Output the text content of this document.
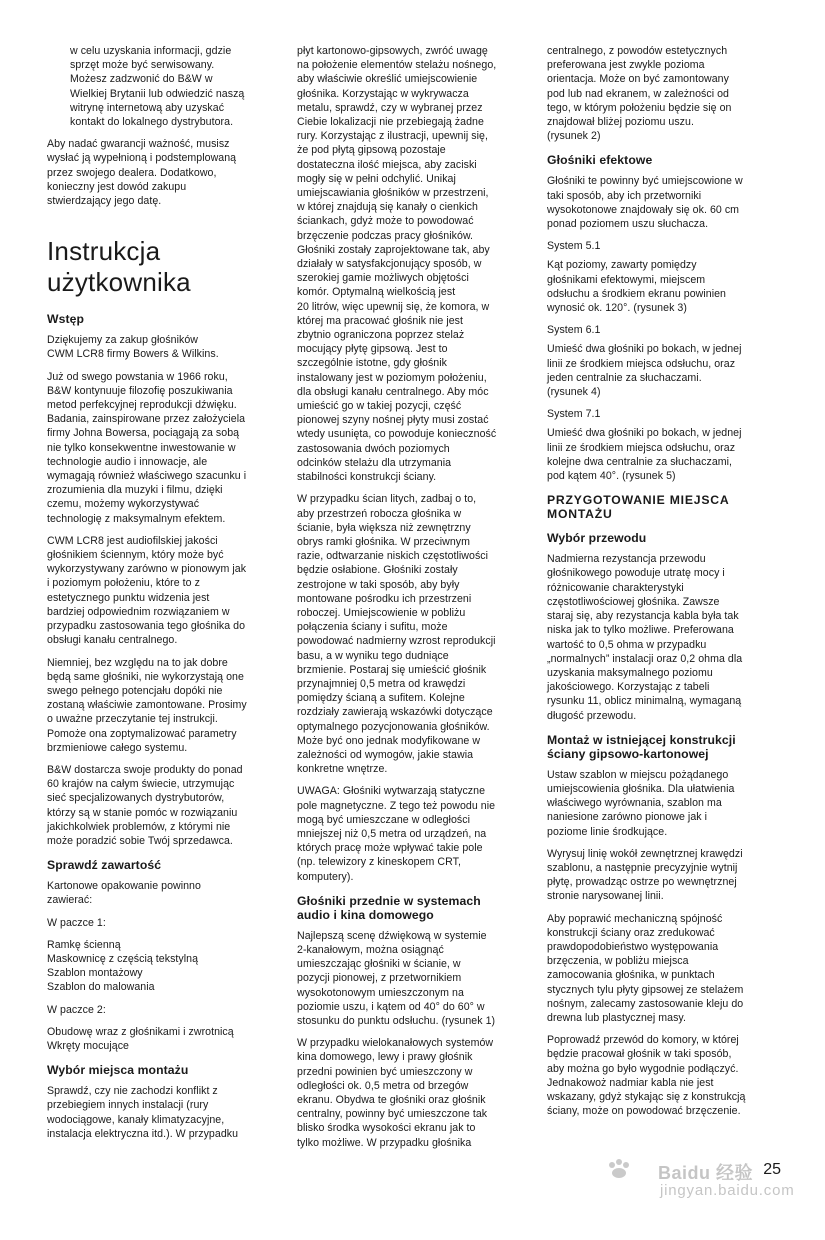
w celu uzyskania informacji, gdzie
sprzęt może być serwisowany.
Możesz zadzwonić do B&W w
Wielkiej Brytanii lub odwiedzić naszą
witrynę internetową aby uzyskać
kontakt do lokalnego dystrybutora.

Aby nadać gwarancji ważność, musisz
wysłać ją wypełnioną i podstemplowaną
przez swojego dealera. Dodatkowo,
konieczny jest dowód zakupu
stwierdzający jego datę.

Instrukcja
użytkownika
Wstęp

Dziękujemy za zakup głośników
CWM LCR8 firmy Bowers & Wilkins.

Już od swego powstania w 1966 roku,
B&W kontynuuje filozofię poszukiwania
metod perfekcyjnej reprodukcji dźwięku.
Badania, zainspirowane przez założyciela
firmy Johna Bowersa, pociągają za sobą
nie tylko konsekwentne inwestowanie w
technologie audio i innowacje, ale
wymagają również właściwego szacunku i
zrozumienia dla muzyki i filmu, dzięki
czemu, możemy wykorzystywać
technologię z maksymalnym efektem.

CWM LCR8 jest audiofilskiej jakości
głośnikiem ściennym, który może być
wykorzystywany zarówno w pionowym jak
i poziomym położeniu, które to z
estetycznego punktu widzenia jest
bardziej odpowiednim rozwiązaniem w
przypadku zastosowania tego głośnika do
obsługi kanału centralnego.

Niemniej, bez względu na to jak dobre
będą same głośniki, nie wykorzystają one
swego pełnego potencjału dopóki nie
zostaną właściwie zamontowane. Prosimy
o uważne przeczytanie tej instrukcji.
Pomoże ona zoptymalizować parametry
brzmieniowe całego systemu.

B&W dostarcza swoje produkty do ponad
60 krajów na całym świecie, utrzymując
sieć specjalizowanych dystrybutorów,
którzy są w stanie pomóc w rozwiązaniu
jakichkolwiek problemów, z którymi nie
może poradzić sobie Twój sprzedawca.

Sprawdź zawartość

Kartonowe opakowanie powinno
zawierać:

W paczce 1:

Ramkę ścienną
Maskownicę z częścią tekstylną
Szablon montażowy
Szablon do malowania

W paczce 2:

Obudowę wraz z głośnikami i zwrotnicą
Wkręty mocujące

Wybór miejsca montażu

Sprawdź, czy nie zachodzi konflikt z
przebiegiem innych instalacji (rury
wodociągowe, kanały klimatyzacyjne,
instalacja elektryczna itd.). W przypadku

płyt kartonowo-gipsowych, zwróć uwagę
na położenie elementów stelażu nośnego,
aby właściwie określić umiejscowienie
głośnika. Korzystając w wykrywacza
metalu, sprawdź, czy w wybranej przez
Ciebie lokalizacji nie przebiegają żadne
rury. Korzystając z ilustracji, upewnij się,
że pod płytą gipsową pozostaje
dostateczna ilość miejsca, aby zaciski
mogły się w pełni odchylić. Unikaj
umiejscawiania głośników w przestrzeni,
w której znajdują się kanały o cienkich
ściankach, gdyż może to powodować
brzęczenie podczas pracy głośników.
Głośniki zostały zaprojektowane tak, aby
działały w satysfakcjonujący sposób, w
szerokiej gamie możliwych objętości
komór. Optymalną wielkością jest
20 litrów, więc upewnij się, że komora, w
której ma pracować głośnik nie jest
zbytnio ograniczona poprzez stelaż
mocujący płytę gipsową. Jest to
szczególnie istotne, gdy głośnik
instalowany jest w poziomym położeniu,
dla obsługi kanału centralnego. Aby móc
umieścić go w takiej pozycji, część
pionowej szyny nośnej płyty musi zostać
wtedy usunięta, co powoduje konieczność
zastosowania dwóch poziomych
odcinków stelażu dla utrzymania
stabilności konstrukcji ściany.

W przypadku ścian litych, zadbaj o to,
aby przestrzeń robocza głośnika w
ścianie, była większa niż zewnętrzny
obrys ramki głośnika. W przeciwnym
razie, odtwarzanie niskich częstotliwości
będzie osłabione. Głośniki zostały
zestrojone w taki sposób, aby były
montowane pośrodku ich przestrzeni
roboczej. Umiejscowienie w pobliżu
połączenia ściany i sufitu, może
powodować nadmierny wzrost reprodukcji
basu, a w wyniku tego dudniące
brzmienie. Postaraj się umieścić głośnik
przynajmniej 0,5 metra od krawędzi
pomiędzy ścianą a sufitem. Kolejne
rozdziały zawierają wskazówki dotyczące
optymalnego pozycjonowania głośników.
Może być ono jednak modyfikowane w
zależności od wymogów, jakie stawia
konkretne wnętrze.

UWAGA: Głośniki wytwarzają statyczne
pole magnetyczne. Z tego też powodu nie
mogą być umieszczane w odległości
mniejszej niż 0,5 metra od urządzeń, na
których pracę może wpływać takie pole
(np. telewizory z kineskopem CRT,
komputery).

Głośniki przednie w systemach
audio i kina domowego

Najlepszą scenę dźwiękową w systemie
2-kanałowym, można osiągnąć
umieszczając głośniki w ścianie, w
pozycji pionowej, z przetwornikiem
wysokotonowym umieszczonym na
poziomie uszu, i kątem od 40° do 60° w
stosunku do punktu odsłuchu. (rysunek 1)

W przypadku wielokanałowych systemów
kina domowego, lewy i prawy głośnik
przedni powinien być umieszczony w
odległości ok. 0,5 metra od brzegów
ekranu. Obydwa te głośniki oraz głośnik
centralny, powinny być umieszczone tak
blisko środka wysokości ekranu jak to
tylko możliwe. W przypadku głośnika

centralnego, z powodów estetycznych
preferowana jest zwykle pozioma
orientacja. Może on być zamontowany
pod lub nad ekranem, w zależności od
tego, w którym położeniu będzie się on
znajdował bliżej poziomu uszu.
(rysunek 2)

Głośniki efektowe

Głośniki te powinny być umiejscowione w
taki sposób, aby ich przetworniki
wysokotonowe znajdowały się ok. 60 cm
ponad poziomem uszu słuchacza.

System 5.1

Kąt poziomy, zawarty pomiędzy
głośnikami efektowymi, miejscem
odsłuchu a środkiem ekranu powinien
wynosić ok. 120°. (rysunek 3)

System 6.1

Umieść dwa głośniki po bokach, w jednej
linii ze środkiem miejsca odsłuchu, oraz
jeden centralnie za słuchaczami.
(rysunek 4)

System 7.1

Umieść dwa głośniki po bokach, w jednej
linii ze środkiem miejsca odsłuchu, oraz
kolejne dwa centralnie za słuchaczami,
pod kątem 40°. (rysunek 5)

PRZYGOTOWANIE MIEJSCA
MONTAŻU
Wybór przewodu

Nadmierna rezystancja przewodu
głośnikowego powoduje utratę mocy i
różnicowanie charakterystyki
częstotliwościowej głośnika. Zawsze
staraj się, aby rezystancja kabla była tak
niska jak to tylko możliwe. Preferowana
wartość to 0,5 ohma w przypadku
„normalnych” instalacji oraz 0,2 ohma dla
uzyskania maksymalnego poziomu
jakościowego. Korzystając z tabeli
rysunku 11, oblicz minimalną, wymaganą
długość przewodu.

Montaż w istniejącej konstrukcji
ściany gipsowo-kartonowej

Ustaw szablon w miejscu pożądanego
umiejscowienia głośnika. Dla ułatwienia
właściwego wyrównania, szablon ma
naniesione zarówno pionowe jak i
poziome linie środkujące.

Wyrysuj linię wokół zewnętrznej krawędzi
szablonu, a następnie precyzyjnie wytnij
płytę, prowadząc ostrze po wewnętrznej
stronie narysowanej linii.

Aby poprawić mechaniczną spójność
konstrukcji ściany oraz zredukować
prawdopodobieństwo występowania
brzęczenia, w pobliżu miejsca
zamocowania głośnika, w punktach
stycznych tylu płyty gipsowej ze stelażem
nośnym, zalecamy zastosowanie kleju do
drewna lub plastycznej masy.

Poprowadź przewód do komory, w której
będzie pracował głośnik w taki sposób,
aby można go było wygodnie podłączyć.
Jednakowoż nadmiar kabla nie jest
wskazany, gdyż stykając się z konstrukcją
ściany, może on powodować brzęczenie.

Baidu 经验
jingyan.baidu.com
25
